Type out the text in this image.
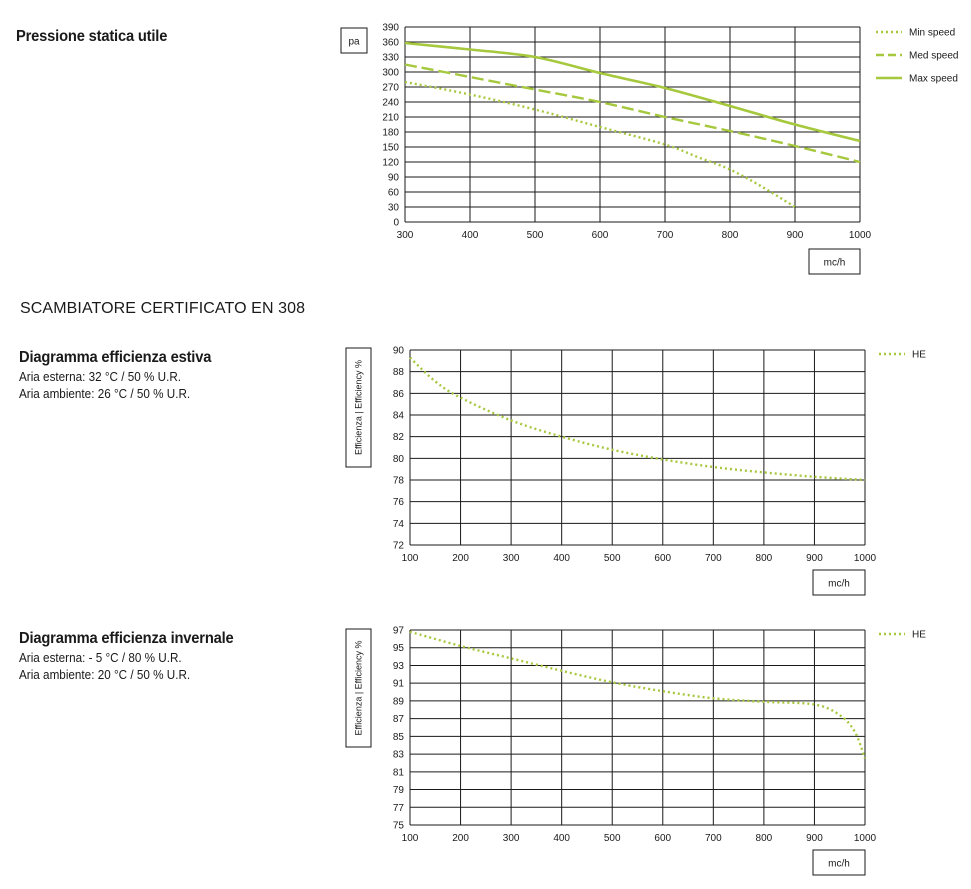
Pressione statica utile
SCAMBIATORE CERTIFICATO EN 308
Diagramma efficienza estiva
Aria esterna: 32 °C / 50 % U.R.
Aria ambiente: 26 °C / 50 % U.R.
Diagramma efficienza invernale
Aria esterna: - 5 °C / 80 % U.R.
Aria ambiente: 20 °C / 50 % U.R.
300	400	500	600	700	800	900	1000
0
30
60
90
120
150
180
210
240
270
300
330
360
390
pa
mc/h
Min speed
Med speed
Max speed
100	200	300	400	500	600	700	800	900	1000
72
74
76
78
80
82
84
86
88
90
Efficienza | Efficiency %
mc/h
HE
100	200	300	400	500	600	700	800	900	1000
75
77
79
81
83
85
87
89
91
93
95
97
Efficienza | Efficiency %
mc/h
HE
